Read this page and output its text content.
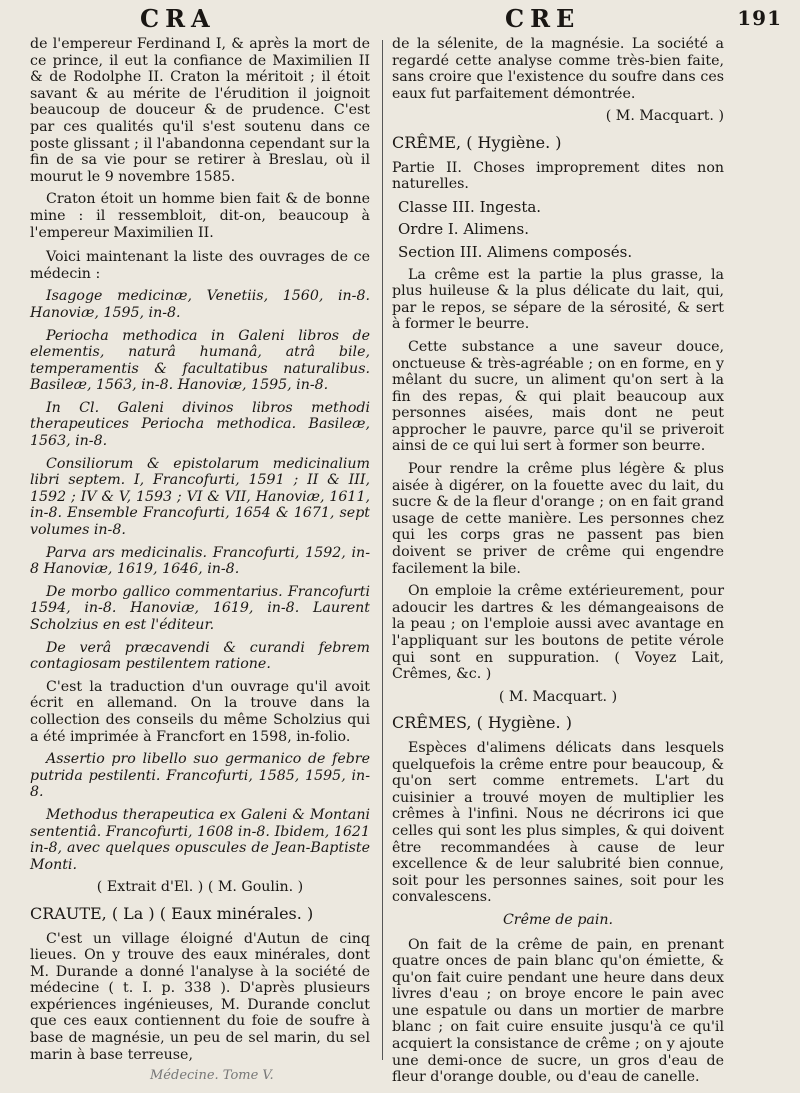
CRA	CRE	191

de l'empereur Ferdinand I, & après la mort de ce prince, il eut la confiance de Maximilien II & de Rodolphe II. Craton la méritoit ; il étoit savant & au mérite de l'érudition il joignoit beaucoup de douceur & de prudence. C'est par ces qualités qu'il s'est soutenu dans ce poste glissant ; il l'abandonna cependant sur la fin de sa vie pour se retirer à Breslau, où il mourut le 9 novembre 1585.

Craton étoit un homme bien fait & de bonne mine : il ressembloit, dit-on, beaucoup à l'empereur Maximilien II.

Voici maintenant la liste des ouvrages de ce médecin :

Isagoge medicinæ, Venetiis, 1560, in-8. Hanoviæ, 1595, in-8.

Periocha methodica in Galeni libros de elementis, naturâ humanâ, atrâ bile, temperamentis & facultatibus naturalibus. Basileæ, 1563, in-8. Hanoviæ, 1595, in-8.

In Cl. Galeni divinos libros methodi therapeutices Periocha methodica. Basileæ, 1563, in-8.

Consiliorum & epistolarum medicinalium libri septem. I, Francofurti, 1591 ; II & III, 1592 ; IV & V, 1593 ; VI & VII, Hanoviæ, 1611, in-8. Ensemble Francofurti, 1654 & 1671, sept volumes in-8.

Parva ars medicinalis. Francofurti, 1592, in-8 Hanoviæ, 1619, 1646, in-8.

De morbo gallico commentarius. Francofurti 1594, in-8. Hanoviæ, 1619, in-8. Laurent Scholzius en est l'éditeur.

De verâ præcavendi & curandi febrem contagiosam pestilentem ratione.

C'est la traduction d'un ouvrage qu'il avoit écrit en allemand. On la trouve dans la collection des conseils du même Scholzius qui a été imprimée à Francfort en 1598, in-folio.

Assertio pro libello suo germanico de febre putrida pestilenti. Francofurti, 1585, 1595, in-8.

Methodus therapeutica ex Galeni & Montani sententiâ. Francofurti, 1608 in-8. Ibidem, 1621 in-8, avec quelques opuscules de Jean-Baptiste Monti.

( Extrait d'El. ) ( M. Goulin. )

CRAUTE, ( La ) ( Eaux minérales. )

C'est un village éloigné d'Autun de cinq lieues. On y trouve des eaux minérales, dont M. Durande a donné l'analyse à la société de médecine ( t. I. p. 338 ). D'après plusieurs expériences ingénieuses, M. Durande conclut que ces eaux contiennent du foie de soufre à base de magnésie, un peu de sel marin, du sel marin à base terreuse,

de la sélenite, de la magnésie. La société a regardé cette analyse comme très-bien faite, sans croire que l'existence du soufre dans ces eaux fut parfaitement démontrée.

( M. Macquart. )

CRÊME, ( Hygiène. )

Partie II. Choses improprement dites non naturelles.

Classe III. Ingesta.

Ordre I. Alimens.

Section III. Alimens composés.

La crême est la partie la plus grasse, la plus huileuse & la plus délicate du lait, qui, par le repos, se sépare de la sérosité, & sert à former le beurre.

Cette substance a une saveur douce, onctueuse & très-agréable ; on en forme, en y mêlant du sucre, un aliment qu'on sert à la fin des repas, & qui plait beaucoup aux personnes aisées, mais dont ne peut approcher le pauvre, parce qu'il se priveroit ainsi de ce qui lui sert à former son beurre.

Pour rendre la crême plus légère & plus aisée à digérer, on la fouette avec du lait, du sucre & de la fleur d'orange ; on en fait grand usage de cette manière. Les personnes chez qui les corps gras ne passent pas bien doivent se priver de crême qui engendre facilement la bile.

On emploie la crême extérieurement, pour adoucir les dartres & les démangeaisons de la peau ; on l'emploie aussi avec avantage en l'appliquant sur les boutons de petite vérole qui sont en suppuration. ( Voyez Lait, Crêmes, &c. )

( M. Macquart. )

CRÊMES, ( Hygiène. )

Espèces d'alimens délicats dans lesquels quelquefois la crême entre pour beaucoup, & qu'on sert comme entremets. L'art du cuisinier a trouvé moyen de multiplier les crêmes à l'infini. Nous ne décrirons ici que celles qui sont les plus simples, & qui doivent être recommandées à cause de leur excellence & de leur salubrité bien connue, soit pour les personnes saines, soit pour les convalescens.

Crême de pain.

On fait de la crême de pain, en prenant quatre onces de pain blanc qu'on émiette, & qu'on fait cuire pendant une heure dans deux livres d'eau ; on broye encore le pain avec une espatule ou dans un mortier de marbre blanc ; on fait cuire ensuite jusqu'à ce qu'il acquiert la consistance de crême ; on y ajoute une demi-once de sucre, un gros d'eau de fleur d'orange double, ou d'eau de canelle.

Médecine. Tome V.
